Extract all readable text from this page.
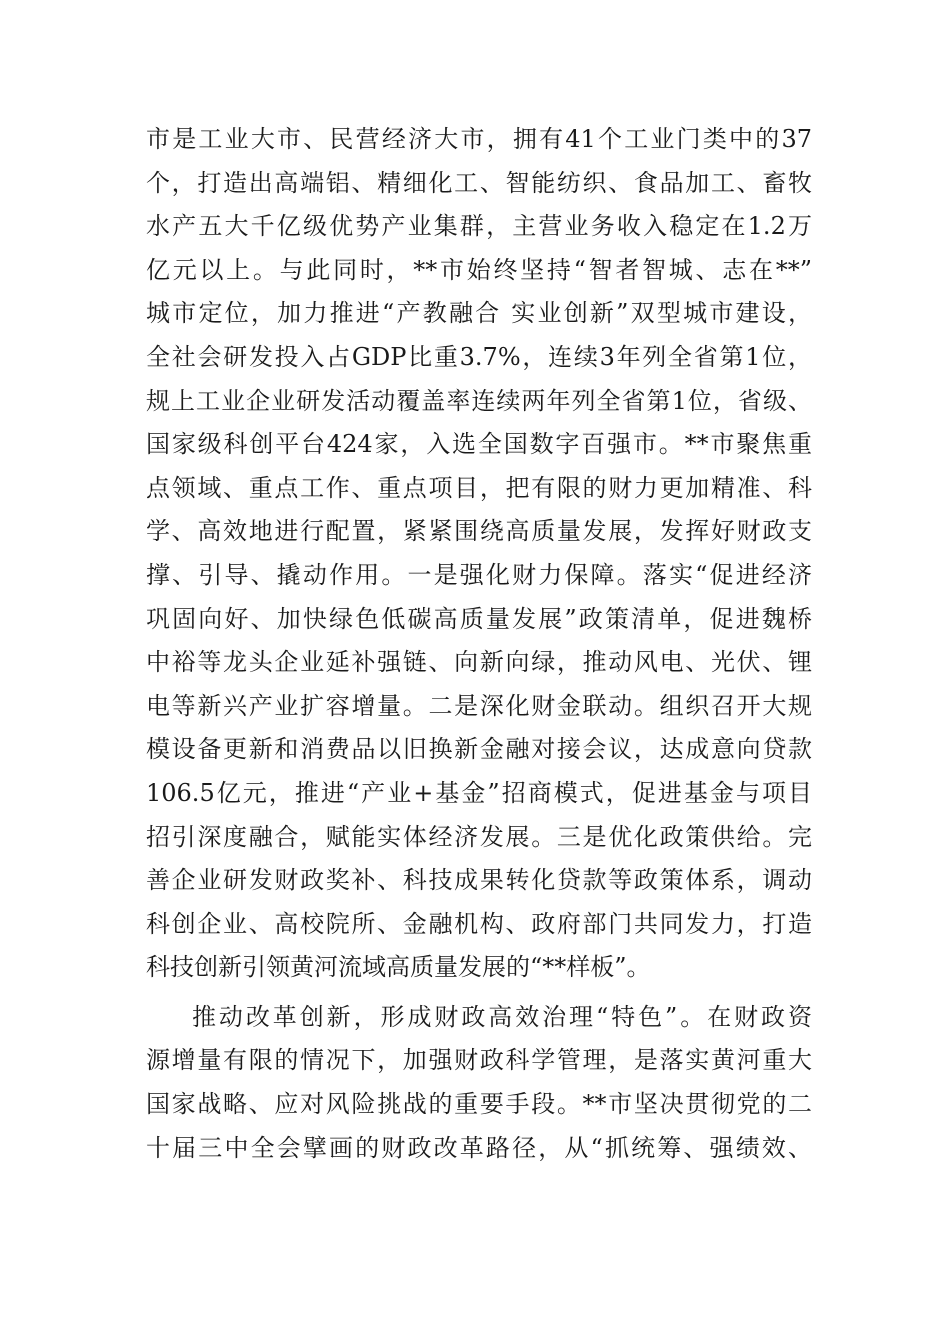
市是工业大市、民营经济大市，拥有41个工业门类中的37
个，打造出高端铝、精细化工、智能纺织、食品加工、畜牧
水产五大千亿级优势产业集群，主营业务收入稳定在1.2万
亿元以上。与此同时，**市始终坚持“智者智城、志在**”
城市定位，加力推进“产教融合 实业创新”双型城市建设，
全社会研发投入占GDP比重3.7%，连续3年列全省第1位，
规上工业企业研发活动覆盖率连续两年列全省第1位，省级、
国家级科创平台424家，入选全国数字百强市。**市聚焦重
点领域、重点工作、重点项目，把有限的财力更加精准、科
学、高效地进行配置，紧紧围绕高质量发展，发挥好财政支
撑、引导、撬动作用。一是强化财力保障。落实“促进经济
巩固向好、加快绿色低碳高质量发展”政策清单，促进魏桥
中裕等龙头企业延补强链、向新向绿，推动风电、光伏、锂
电等新兴产业扩容增量。二是深化财金联动。组织召开大规
模设备更新和消费品以旧换新金融对接会议，达成意向贷款
106.5亿元，推进“产业+基金”招商模式，促进基金与项目
招引深度融合，赋能实体经济发展。三是优化政策供给。完
善企业研发财政奖补、科技成果转化贷款等政策体系，调动
科创企业、高校院所、金融机构、政府部门共同发力，打造
科技创新引领黄河流域高质量发展的“**样板”。
推动改革创新，形成财政高效治理“特色”。在财政资
源增量有限的情况下，加强财政科学管理，是落实黄河重大
国家战略、应对风险挑战的重要手段。**市坚决贯彻党的二
十届三中全会擘画的财政改革路径，从“抓统筹、强绩效、
